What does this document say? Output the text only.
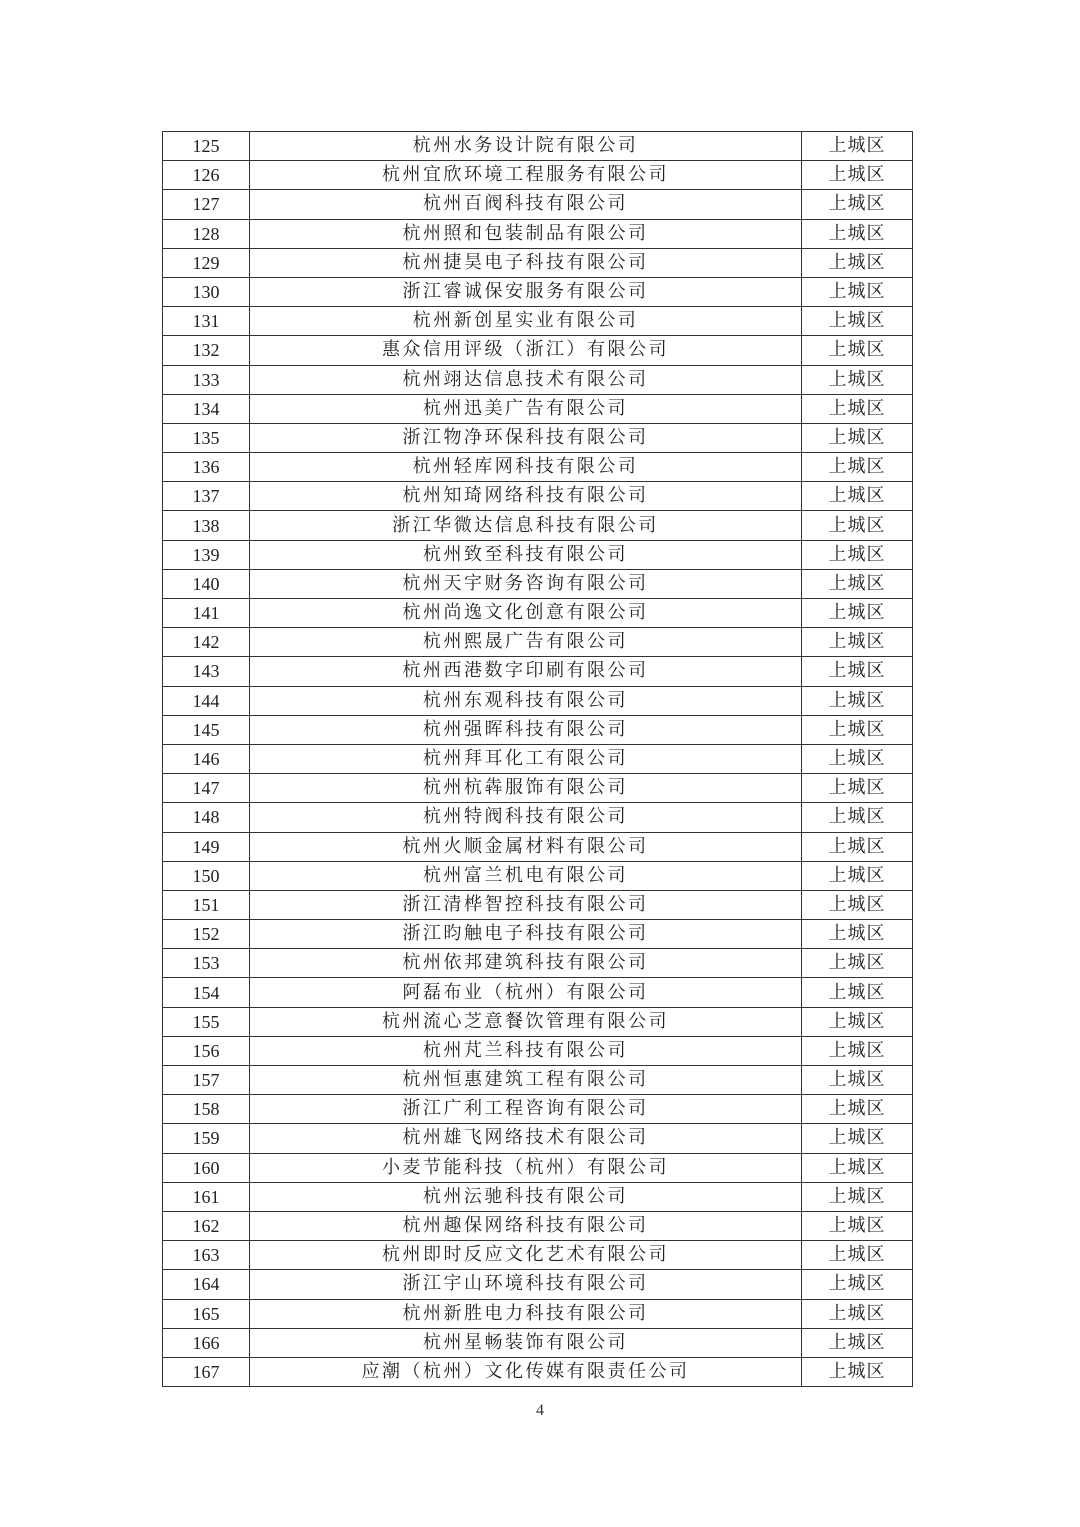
125	杭州水务设计院有限公司	上城区
126	杭州宜欣环境工程服务有限公司	上城区
127	杭州百阀科技有限公司	上城区
128	杭州照和包装制品有限公司	上城区
129	杭州捷昊电子科技有限公司	上城区
130	浙江睿诚保安服务有限公司	上城区
131	杭州新创星实业有限公司	上城区
132	惠众信用评级（浙江）有限公司	上城区
133	杭州翊达信息技术有限公司	上城区
134	杭州迅美广告有限公司	上城区
135	浙江物净环保科技有限公司	上城区
136	杭州轻库网科技有限公司	上城区
137	杭州知琦网络科技有限公司	上城区
138	浙江华微达信息科技有限公司	上城区
139	杭州致至科技有限公司	上城区
140	杭州天宇财务咨询有限公司	上城区
141	杭州尚逸文化创意有限公司	上城区
142	杭州熙晟广告有限公司	上城区
143	杭州西港数字印刷有限公司	上城区
144	杭州东观科技有限公司	上城区
145	杭州强晖科技有限公司	上城区
146	杭州拜耳化工有限公司	上城区
147	杭州杭犇服饰有限公司	上城区
148	杭州特阀科技有限公司	上城区
149	杭州火顺金属材料有限公司	上城区
150	杭州富兰机电有限公司	上城区
151	浙江清桦智控科技有限公司	上城区
152	浙江昀触电子科技有限公司	上城区
153	杭州依邦建筑科技有限公司	上城区
154	阿磊布业（杭州）有限公司	上城区
155	杭州流心芝意餐饮管理有限公司	上城区
156	杭州芃兰科技有限公司	上城区
157	杭州恒惠建筑工程有限公司	上城区
158	浙江广利工程咨询有限公司	上城区
159	杭州雄飞网络技术有限公司	上城区
160	小麦节能科技（杭州）有限公司	上城区
161	杭州沄驰科技有限公司	上城区
162	杭州趣保网络科技有限公司	上城区
163	杭州即时反应文化艺术有限公司	上城区
164	浙江宇山环境科技有限公司	上城区
165	杭州新胜电力科技有限公司	上城区
166	杭州星畅装饰有限公司	上城区
167	应潮（杭州）文化传媒有限责任公司	上城区
4
